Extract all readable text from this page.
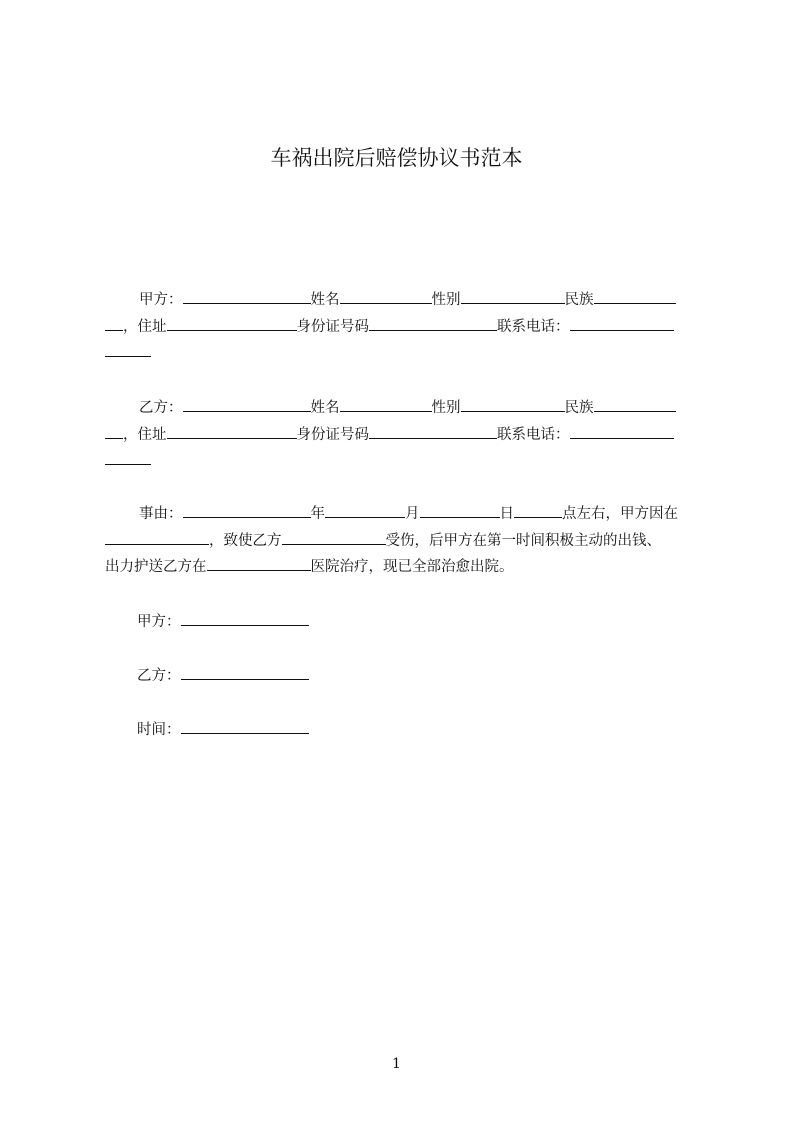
车祸出院后赔偿协议书范本
甲方：	姓名	性别	民族
，住址	身份证号码	联系电话：
乙方：	姓名	性别	民族
，住址	身份证号码	联系电话：
事由：	年	月	日	点左右，甲方因在
，致使乙方	受伤，后甲方在第一时间积极主动的出钱、
出力护送乙方在	医院治疗，现已全部治愈出院。
甲方：
乙方：
时间：
1
